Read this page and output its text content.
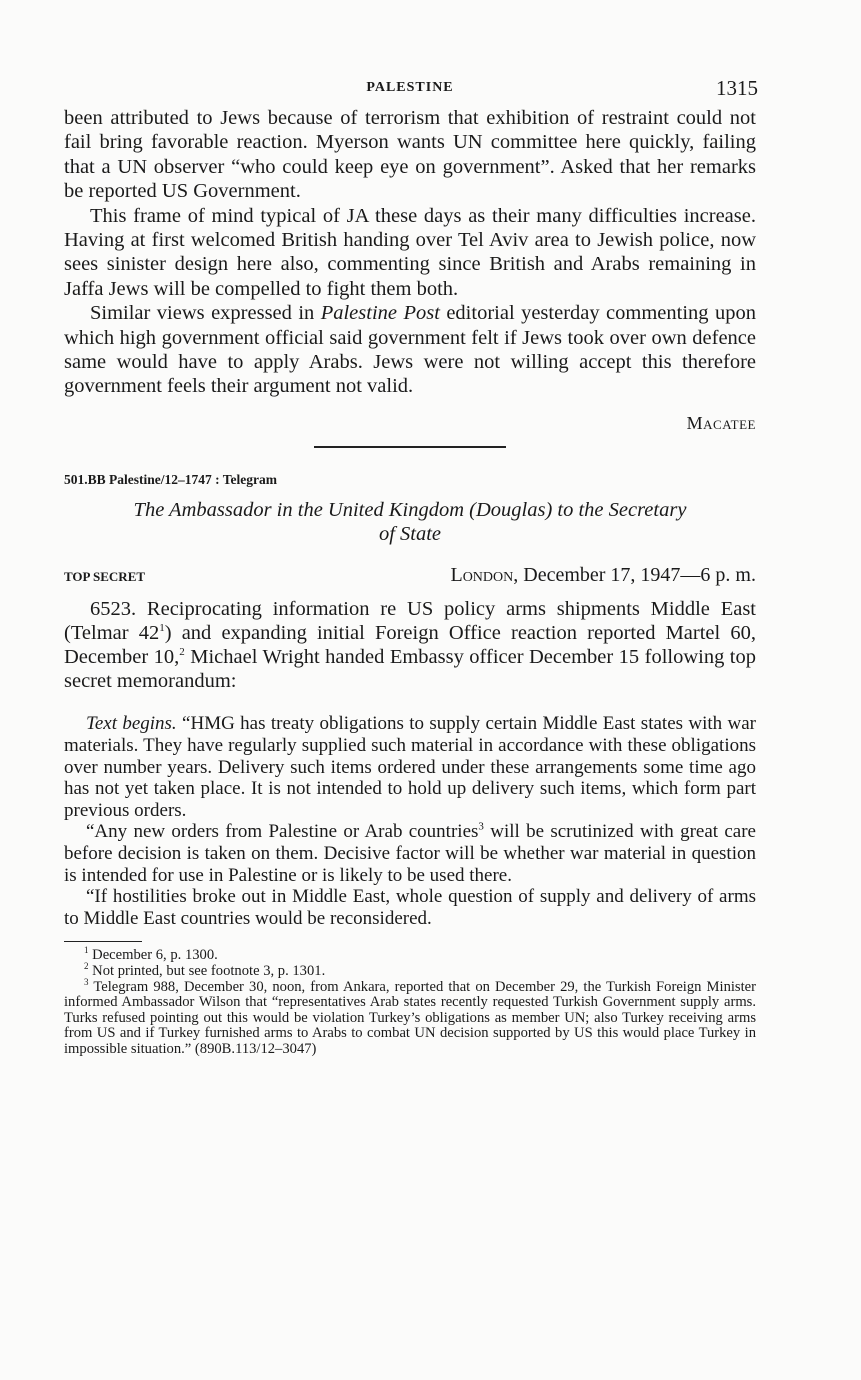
PALESTINE	1315

been attributed to Jews because of terrorism that exhibition of restraint could not fail bring favorable reaction. Myerson wants UN committee here quickly, failing that a UN observer “who could keep eye on government”. Asked that her remarks be reported US Government.

This frame of mind typical of JA these days as their many difficulties increase. Having at first welcomed British handing over Tel Aviv area to Jewish police, now sees sinister design here also, commenting since British and Arabs remaining in Jaffa Jews will be compelled to fight them both.

Similar views expressed in Palestine Post editorial yesterday commenting upon which high government official said government felt if Jews took over own defence same would have to apply Arabs. Jews were not willing accept this therefore government feels their argument not valid.

Macatee
501.BB Palestine/12–1747 : Telegram
The Ambassador in the United Kingdom (Douglas) to the Secretary
of State
TOP SECRET	London, December 17, 1947—6 p. m.

6523. Reciprocating information re US policy arms shipments Middle East (Telmar $42^1$) and expanding initial Foreign Office reaction reported Martel 60, December 10,$^2$ Michael Wright handed Embassy officer December 15 following top secret memorandum:

Text begins. “HMG has treaty obligations to supply certain Middle East states with war materials. They have regularly supplied such material in accordance with these obligations over number years. Delivery such items ordered under these arrangements some time ago has not yet taken place. It is not intended to hold up delivery such items, which form part previous orders.

“Any new orders from Palestine or Arab countries$^3$ will be scrutinized with great care before decision is taken on them. Decisive factor will be whether war material in question is intended for use in Palestine or is likely to be used there.

“If hostilities broke out in Middle East, whole question of supply and delivery of arms to Middle East countries would be reconsidered.

$^1$ December 6, p. 1300.

$^2$ Not printed, but see footnote 3, p. 1301.

$^3$ Telegram 988, December 30, noon, from Ankara, reported that on December 29, the Turkish Foreign Minister informed Ambassador Wilson that “representatives Arab states recently requested Turkish Government supply arms. Turks refused pointing out this would be violation Turkey’s obligations as member UN; also Turkey receiving arms from US and if Turkey furnished arms to Arabs to combat UN decision supported by US this would place Turkey in impossible situation.” (890B.113/12–3047)
